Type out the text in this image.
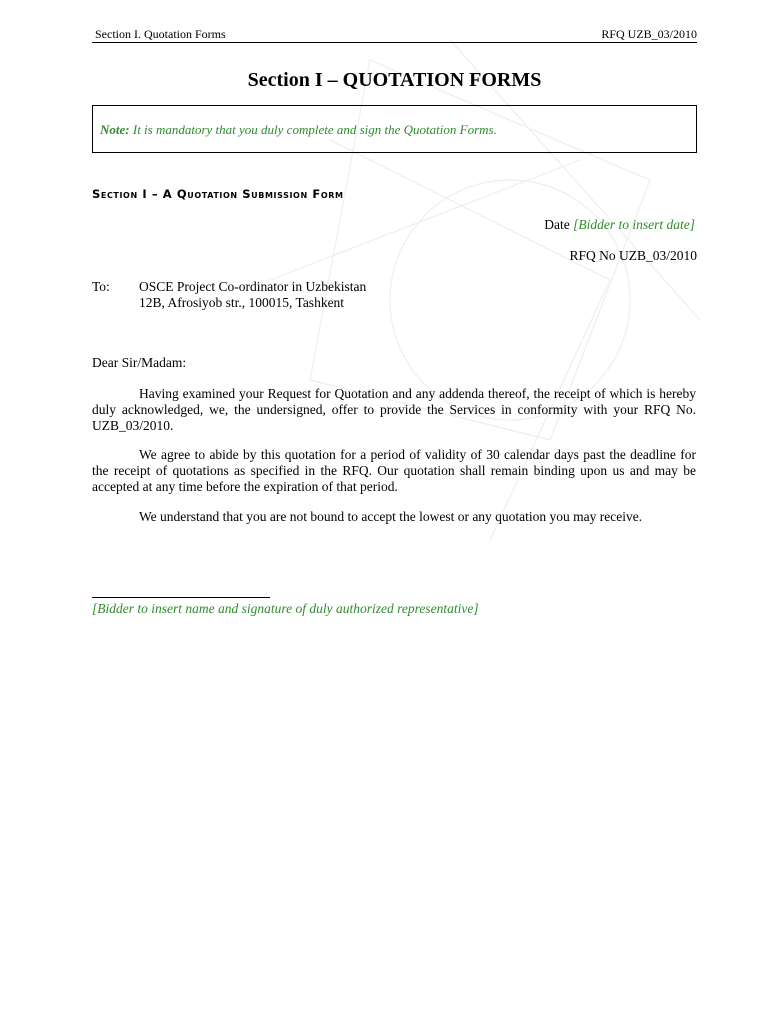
Section I. Quotation Forms	RFQ UZB_03/2010
Section I – QUOTATION FORMS
Note: It is mandatory that you duly complete and sign the Quotation Forms.
Section I – A Quotation Submission Form
Date [Bidder to insert date]
RFQ No UZB_03/2010
To: OSCE Project Co-ordinator in Uzbekistan
12B, Afrosiyob str., 100015, Tashkent
Dear Sir/Madam:

Having examined your Request for Quotation and any addenda thereof, the receipt of which is hereby duly acknowledged, we, the undersigned, offer to provide the Services in conformity with your RFQ No. UZB_03/2010.

We agree to abide by this quotation for a period of validity of 30 calendar days past the deadline for the receipt of quotations as specified in the RFQ. Our quotation shall remain binding upon us and may be accepted at any time before the expiration of that period.

We understand that you are not bound to accept the lowest or any quotation you may receive.

[Bidder to insert name and signature of duly authorized representative]
